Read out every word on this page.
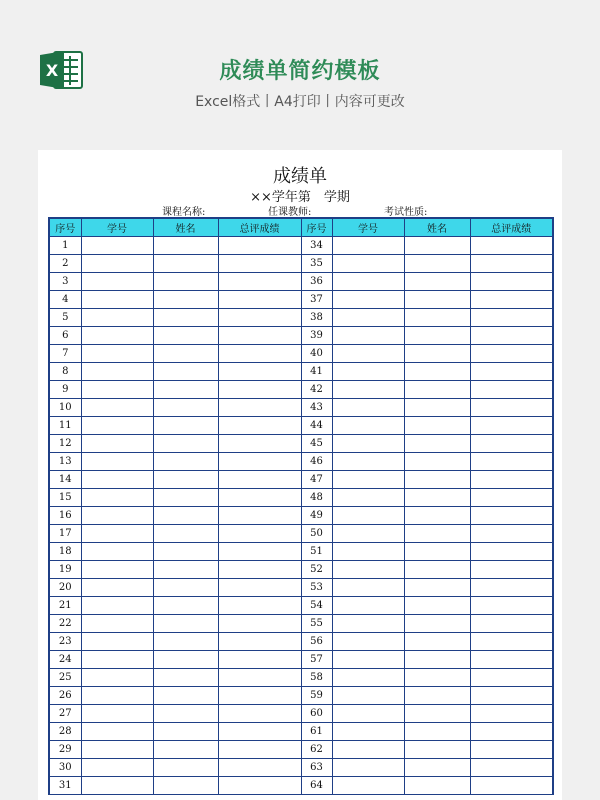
X	成绩单简约模板
Excel格式丨A4打印丨内容可更改
成绩单
××学年第　学期
课程名称:	任课教师:	考试性质:
序号	学号	姓名	总评成绩	序号	学号	姓名	总评成绩
1				34			
2				35			
3				36			
4				37			
5				38			
6				39			
7				40			
8				41			
9				42			
10				43			
11				44			
12				45			
13				46			
14				47			
15				48			
16				49			
17				50			
18				51			
19				52			
20				53			
21				54			
22				55			
23				56			
24				57			
25				58			
26				59			
27				60			
28				61			
29				62			
30				63			
31				64			
